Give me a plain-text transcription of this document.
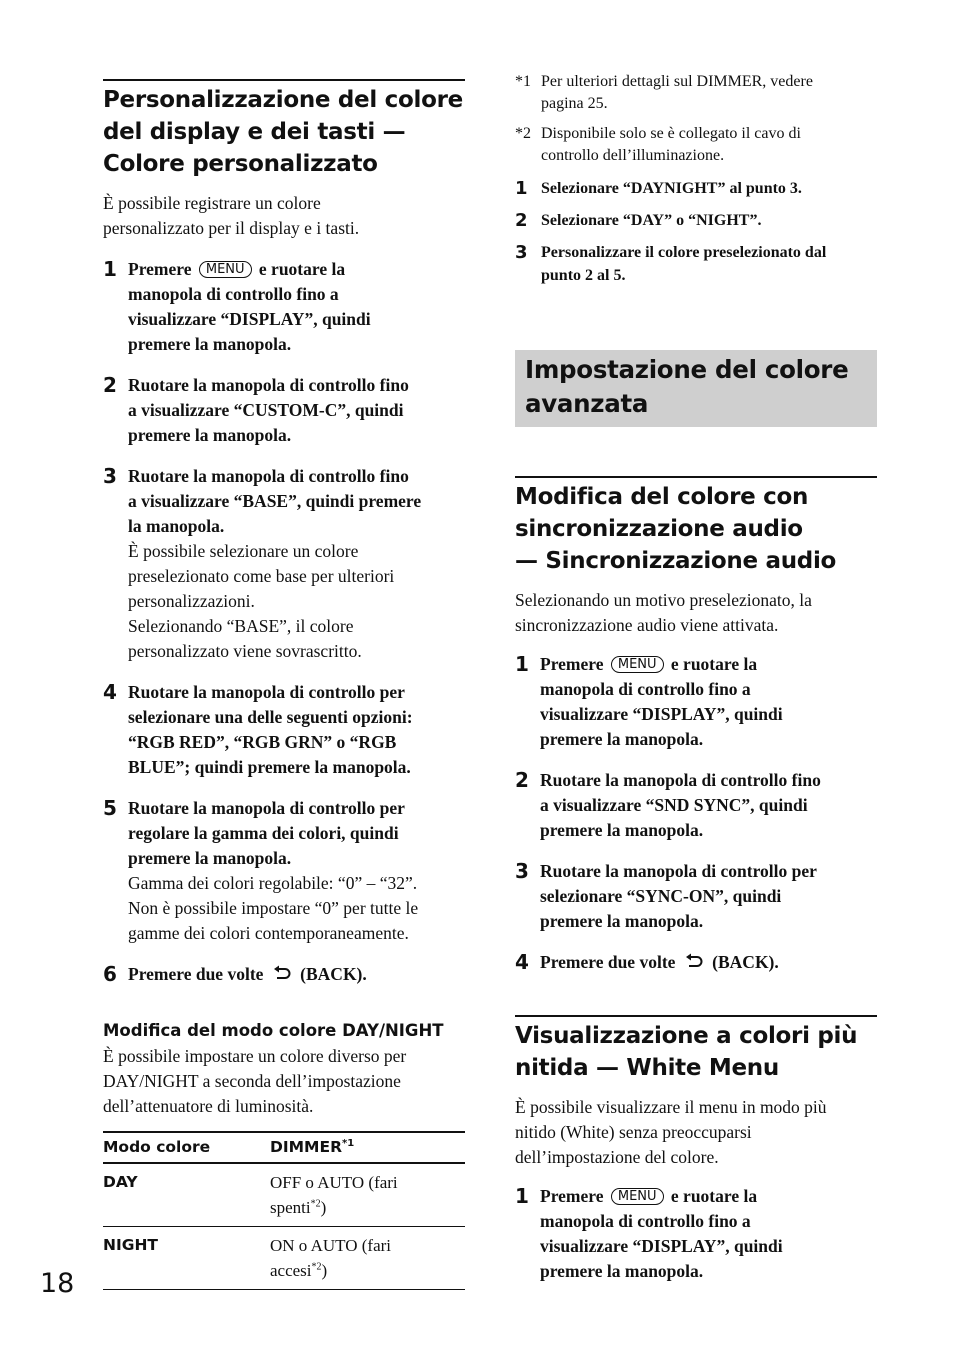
Personalizzazione del colore
del display e dei tasti —
Colore personalizzato

È possibile registrare un colore
personalizzato per il display e i tasti.

1 Premere MENU e ruotare la
manopola di controllo fino a
visualizzare “DISPLAY”, quindi
premere la manopola.
2 Ruotare la manopola di controllo fino
a visualizzare “CUSTOM-C”, quindi
premere la manopola.
3 Ruotare la manopola di controllo fino
a visualizzare “BASE”, quindi premere
la manopola.
È possibile selezionare un colore
preselezionato come base per ulteriori
personalizzazioni.
Selezionando “BASE”, il colore
personalizzato viene sovrascritto.
4 Ruotare la manopola di controllo per
selezionare una delle seguenti opzioni:
“RGB RED”, “RGB GRN” o “RGB
BLUE”; quindi premere la manopola.
5 Ruotare la manopola di controllo per
regolare la gamma dei colori, quindi
premere la manopola.
Gamma dei colori regolabile: “0” – “32”.
Non è possibile impostare “0” per tutte le
gamme dei colori contemporaneamente.
6 Premere due volte (BACK).
Modifica del modo colore DAY/NIGHT

È possibile impostare un colore diverso per
DAY/NIGHT a seconda dell’impostazione
dell’attenuatore di luminosità.

Modo colore	DIMMER$^{*1}$
DAY	OFF o AUTO (fari
spenti$^{*2}$)
NIGHT	ON o AUTO (fari
accesi$^{*2}$)
*1 Per ulteriori dettagli sul DIMMER, vedere
pagina 25.
*2 Disponibile solo se è collegato il cavo di
controllo dell’illuminazione.
1 Selezionare “DAYNIGHT” al punto 3.
2 Selezionare “DAY” o “NIGHT”.
3 Personalizzare il colore preselezionato dal
punto 2 al 5.
Impostazione del colore
avanzata
Modifica del colore con
sincronizzazione audio
— Sincronizzazione audio

Selezionando un motivo preselezionato, la
sincronizzazione audio viene attivata.

1 Premere MENU e ruotare la
manopola di controllo fino a
visualizzare “DISPLAY”, quindi
premere la manopola.
2 Ruotare la manopola di controllo fino
a visualizzare “SND SYNC”, quindi
premere la manopola.
3 Ruotare la manopola di controllo per
selezionare “SYNC-ON”, quindi
premere la manopola.
4 Premere due volte (BACK).
Visualizzazione a colori più
nitida — White Menu

È possibile visualizzare il menu in modo più
nitido (White) senza preoccuparsi
dell’impostazione del colore.

1 Premere MENU e ruotare la
manopola di controllo fino a
visualizzare “DISPLAY”, quindi
premere la manopola.
18
